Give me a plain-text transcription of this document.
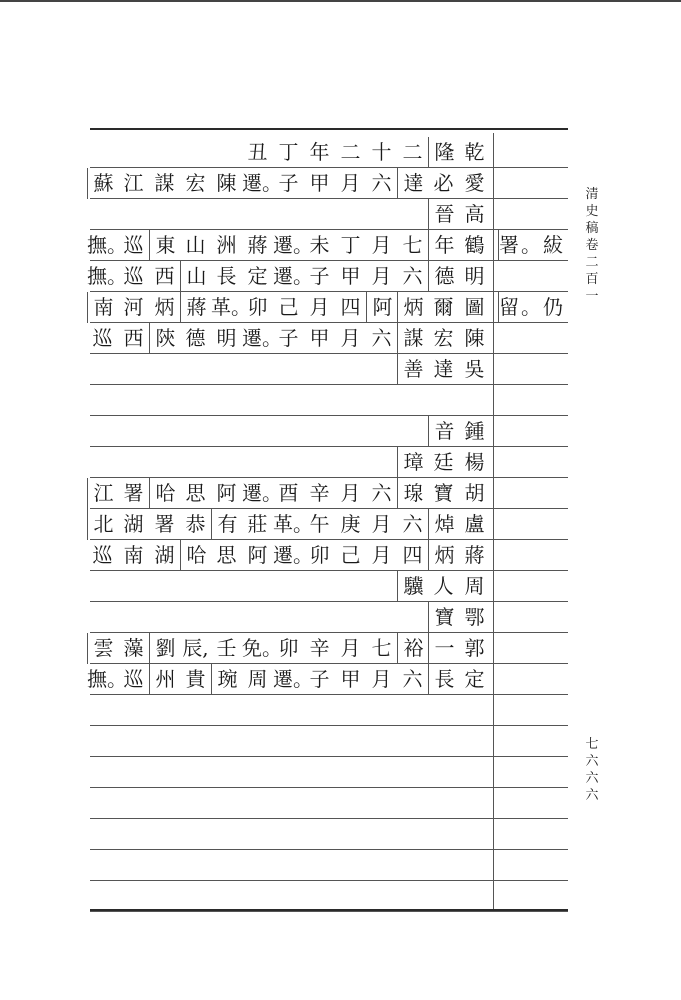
丑 丁 年 二 十 二 隆 乾
蘇 江 謀 宏 陳 遷。
子 甲 月 六 達 必 愛
晉 高
撫。
巡 東 山 洲 蔣 遷。
未 丁 月 七 年 鶴
撫。
巡 西 山 長 定 遷。
子 甲 月 六 德 明
南 河 炳 蔣 革。
卯 己 月 四 阿 炳 爾 圖
巡 西 陝 德 明 遷。
子 甲 月 六 謀 宏 陳
善 達 吳
音 鍾
璋 廷 楊
江 署 哈 思 阿 遷。
酉 辛 月 六 瑔 寶 胡
北 湖 署 恭 有 莊 革。
午 庚 月 六 焯 盧
巡 南 湖 哈 思 阿 遷。
卯 己 月 四 炳 蔣
驥 人 周
寶 鄂
雲 藻 劉 辰, 壬 免。
卯 辛 月 七 裕 一 郭
撫。
巡 州 貴 琬 周 遷。
子 甲 月 六 長 定
署。紱
留。仍
清史稿卷二百一
七六六六
